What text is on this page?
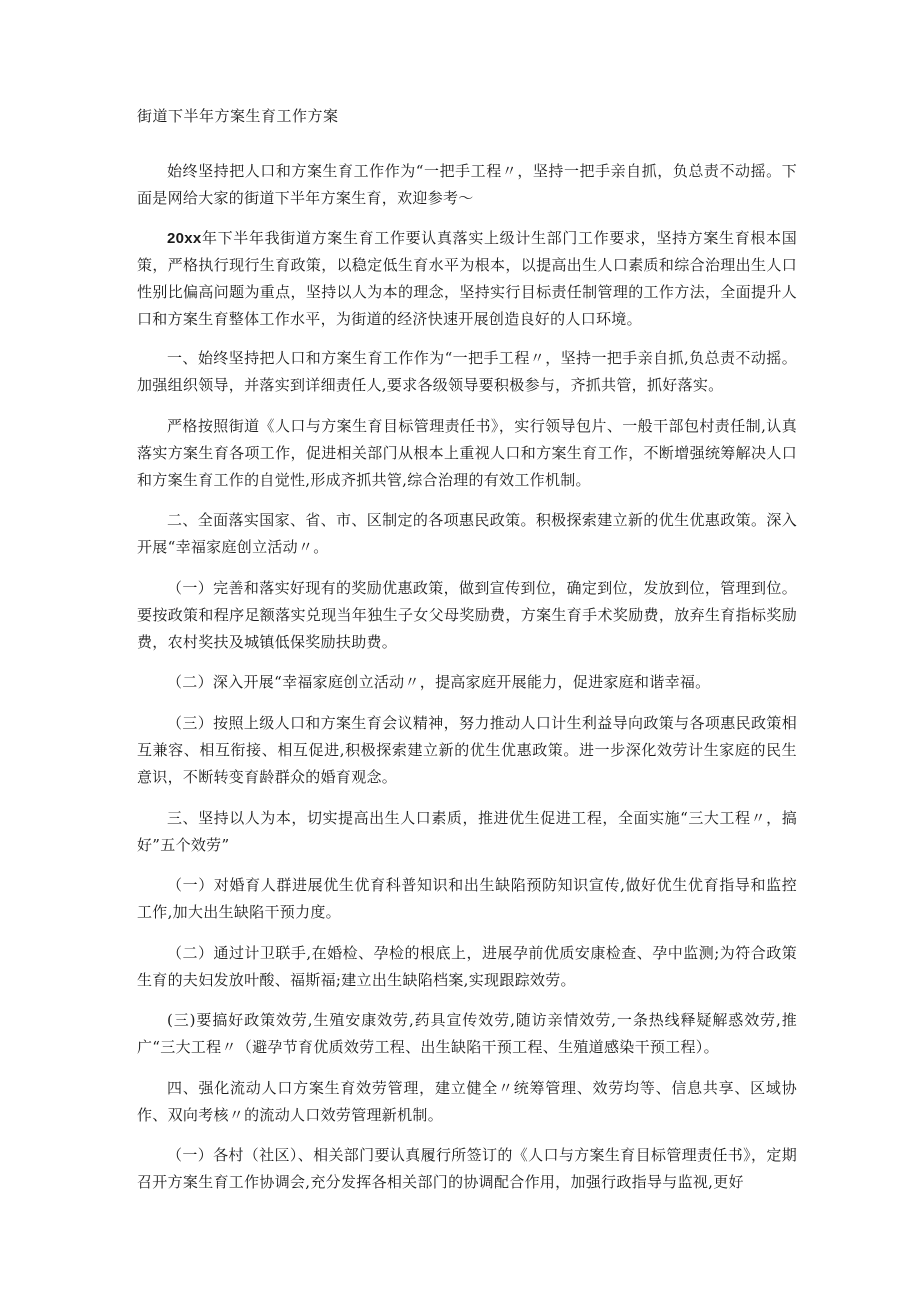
街道下半年方案生育工作方案

始终坚持把人口和方案生育工作作为“一把手工程〃，坚持一把手亲自抓，负总责不动摇。下面是网给大家的街道下半年方案生育，欢迎参考〜

20xx年下半年我街道方案生育工作要认真落实上级计生部门工作要求，坚持方案生育根本国策，严格执行现行生育政策，以稳定低生育水平为根本，以提高出生人口素质和综合治理出生人口性别比偏高问题为重点，坚持以人为本的理念，坚持实行目标责任制管理的工作方法，全面提升人口和方案生育整体工作水平，为街道的经济快速开展创造良好的人口环境。

一、始终坚持把人口和方案生育工作作为“一把手工程〃，坚持一把手亲自抓,负总责不动摇。加强组织领导，并落实到详细责任人,要求各级领导要积极参与，齐抓共管，抓好落实。

严格按照街道《人口与方案生育目标管理责任书》，实行领导包片、一般干部包村责任制,认真落实方案生育各项工作，促进相关部门从根本上重视人口和方案生育工作，不断增强统筹解决人口和方案生育工作的自觉性,形成齐抓共管,综合治理的有效工作机制。

二、全面落实国家、省、市、区制定的各项惠民政策。积极探索建立新的优生优惠政策。深入开展“幸福家庭创立活动〃。

（一）完善和落实好现有的奖励优惠政策，做到宣传到位，确定到位，发放到位，管理到位。要按政策和程序足额落实兑现当年独生子女父母奖励费，方案生育手术奖励费，放弃生育指标奖励费，农村奖扶及城镇低保奖励扶助费。

（二）深入开展“幸福家庭创立活动〃，提高家庭开展能力，促进家庭和谐幸福。

（三）按照上级人口和方案生育会议精神，努力推动人口计生利益导向政策与各项惠民政策相互兼容、相互衔接、相互促进,积极探索建立新的优生优惠政策。进一步深化效劳计生家庭的民生意识，不断转变育龄群众的婚育观念。

三、坚持以人为本，切实提高出生人口素质，推进优生促进工程，全面实施“三大工程〃，搞好”五个效劳”

（一）对婚育人群进展优生优育科普知识和出生缺陷预防知识宣传,做好优生优育指导和监控工作,加大出生缺陷干预力度。

（二）通过计卫联手,在婚检、孕检的根底上，进展孕前优质安康检查、孕中监测;为符合政策生育的夫妇发放叶酸、福斯福;建立出生缺陷档案,实现跟踪效劳。

(三)要搞好政策效劳,生殖安康效劳,药具宣传效劳,随访亲情效劳,一条热线释疑解惑效劳,推广“三大工程〃（避孕节育优质效劳工程、出生缺陷干预工程、生殖道感染干预工程）。

四、强化流动人口方案生育效劳管理，建立健全〃统筹管理、效劳均等、信息共享、区域协作、双向考核〃的流动人口效劳管理新机制。

（一）各村（社区）、相关部门要认真履行所签订的《人口与方案生育目标管理责任书》，定期召开方案生育工作协调会,充分发挥各相关部门的协调配合作用，加强行政指导与监视,更好
